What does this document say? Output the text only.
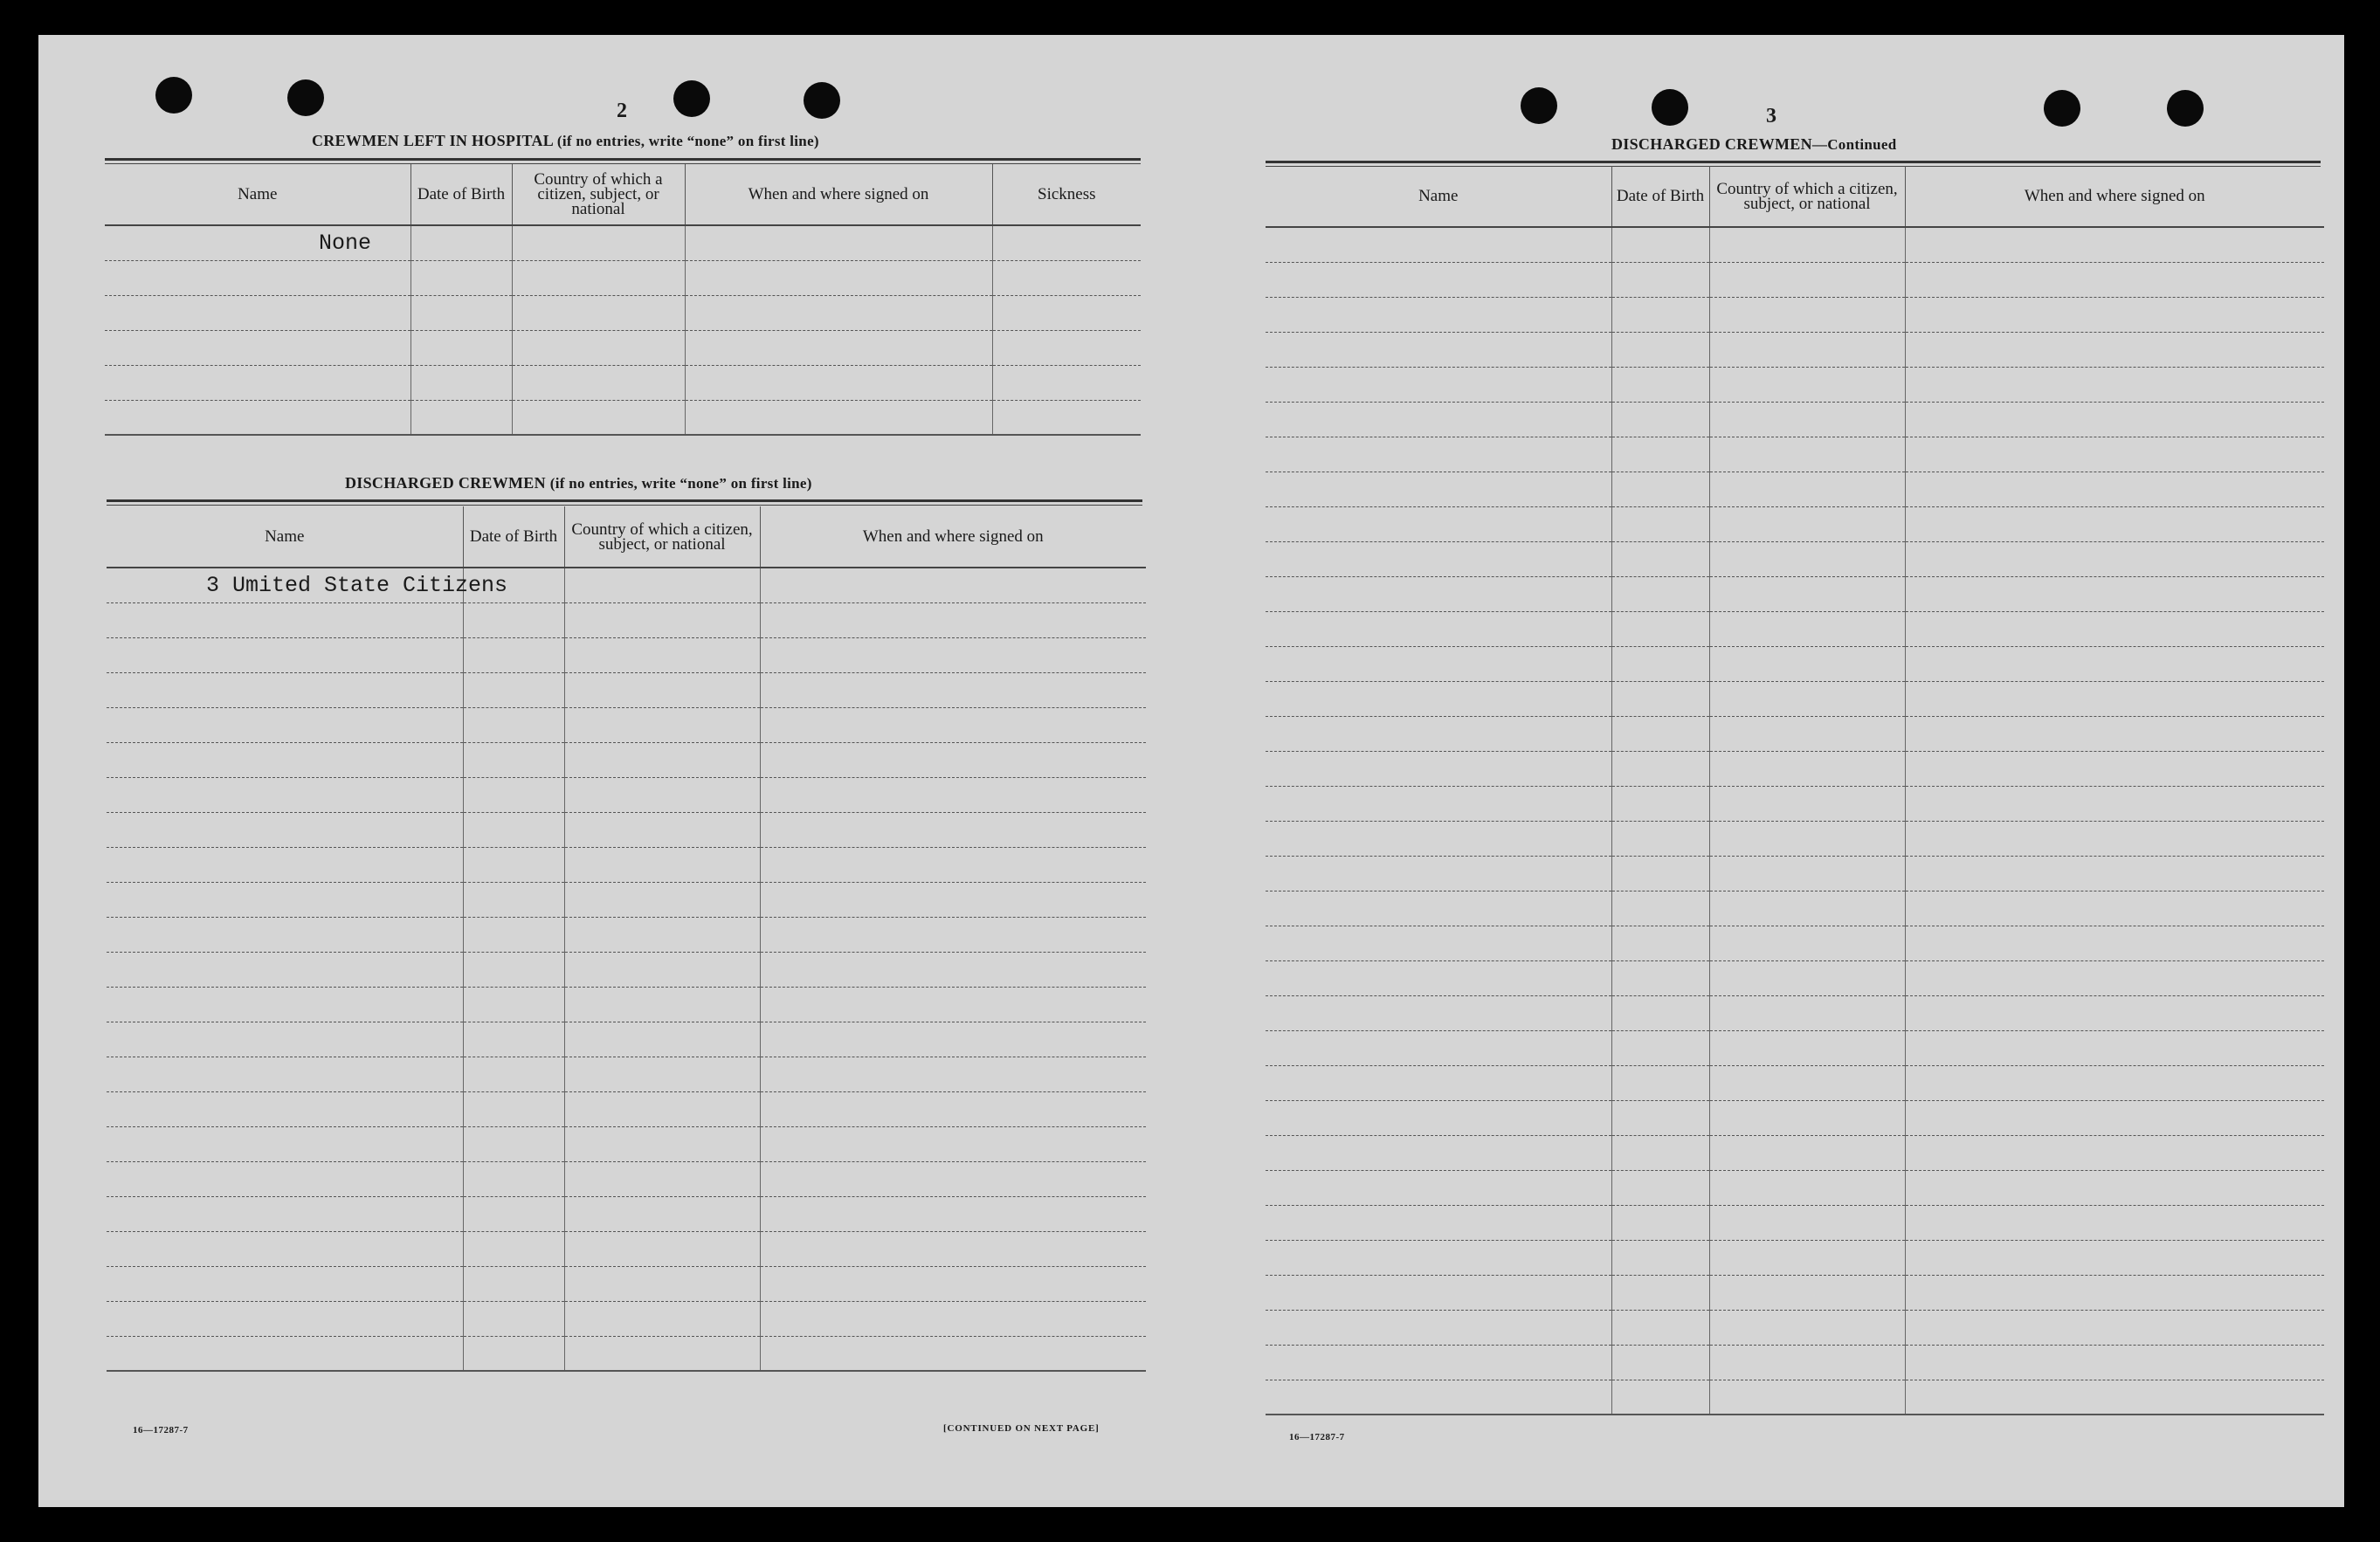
2
CREWMEN LEFT IN HOSPITAL (if no entries, write “none” on first line)
Name	Date of Birth	Country of which a citizen, subject, or national	When and where signed on	Sickness
None				

DISCHARGED CREWMEN (if no entries, write “none” on first line)
Name	Date of Birth	Country of which a citizen, subject, or national	When and where signed on
3 Umited State Citizens			

16—17287-7	[CONTINUED ON NEXT PAGE]
3
DISCHARGED CREWMEN—Continued
Name	Date of Birth	Country of which a citizen, subject, or national	When and where signed on

16—17287-7
